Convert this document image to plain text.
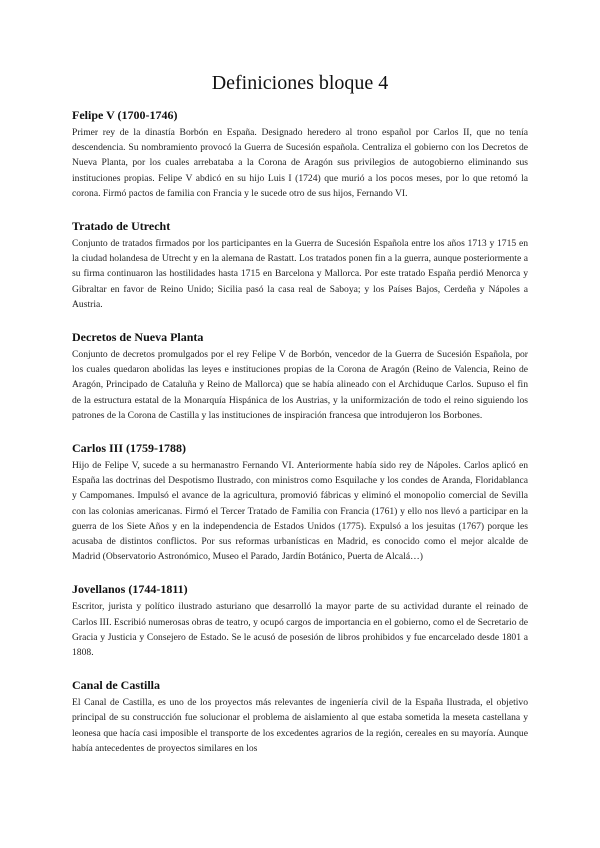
Definiciones bloque 4
Felipe V (1700-1746)

Primer rey de la dinastía Borbón en España. Designado heredero al trono español por Carlos II, que no tenía descendencia. Su nombramiento provocó la Guerra de Sucesión española. Centraliza el gobierno con los Decretos de Nueva Planta, por los cuales arrebataba a la Corona de Aragón sus privilegios de autogobierno eliminando sus instituciones propias. Felipe V abdicó en su hijo Luis I (1724) que murió a los pocos meses, por lo que retomó la corona. Firmó pactos de familia con Francia y le sucede otro de sus hijos, Fernando VI.

Tratado de Utrecht

Conjunto de tratados firmados por los participantes en la Guerra de Sucesión Española entre los años 1713 y 1715 en la ciudad holandesa de Utrecht y en la alemana de Rastatt. Los tratados ponen fin a la guerra, aunque posteriormente a su firma continuaron las hostilidades hasta 1715 en Barcelona y Mallorca. Por este tratado España perdió Menorca y Gibraltar en favor de Reino Unido; Sicilia pasó la casa real de Saboya; y los Países Bajos, Cerdeña y Nápoles a Austria.

Decretos de Nueva Planta

Conjunto de decretos promulgados por el rey Felipe V de Borbón, vencedor de la Guerra de Sucesión Española, por los cuales quedaron abolidas las leyes e instituciones propias de la Corona de Aragón (Reino de Valencia, Reino de Aragón, Principado de Cataluña y Reino de Mallorca) que se había alineado con el Archiduque Carlos. Supuso el fin de la estructura estatal de la Monarquía Hispánica de los Austrias, y la uniformización de todo el reino siguiendo los patrones de la Corona de Castilla y las instituciones de inspiración francesa que introdujeron los Borbones.

Carlos III (1759-1788)

Hijo de Felipe V, sucede a su hermanastro Fernando VI. Anteriormente había sido rey de Nápoles. Carlos aplicó en España las doctrinas del Despotismo Ilustrado, con ministros como Esquilache y los condes de Aranda, Floridablanca y Campomanes. Impulsó el avance de la agricultura, promovió fábricas y eliminó el monopolio comercial de Sevilla con las colonias americanas. Firmó el Tercer Tratado de Familia con Francia (1761) y ello nos llevó a participar en la guerra de los Siete Años y en la independencia de Estados Unidos (1775). Expulsó a los jesuitas (1767) porque les acusaba de distintos conflictos. Por sus reformas urbanísticas en Madrid, es conocido como el mejor alcalde de Madrid (Observatorio Astronómico, Museo el Parado, Jardín Botánico, Puerta de Alcalá…)

Jovellanos (1744-1811)

Escritor, jurista y político ilustrado asturiano que desarrolló la mayor parte de su actividad durante el reinado de Carlos III. Escribió numerosas obras de teatro, y ocupó cargos de importancia en el gobierno, como el de Secretario de Gracia y Justicia y Consejero de Estado. Se le acusó de posesión de libros prohibidos y fue encarcelado desde 1801 a 1808.

Canal de Castilla

El Canal de Castilla, es uno de los proyectos más relevantes de ingeniería civil de la España Ilustrada, el objetivo principal de su construcción fue solucionar el problema de aislamiento al que estaba sometida la meseta castellana y leonesa que hacía casi imposible el transporte de los excedentes agrarios de la región, cereales en su mayoría. Aunque había antecedentes de proyectos similares en los
